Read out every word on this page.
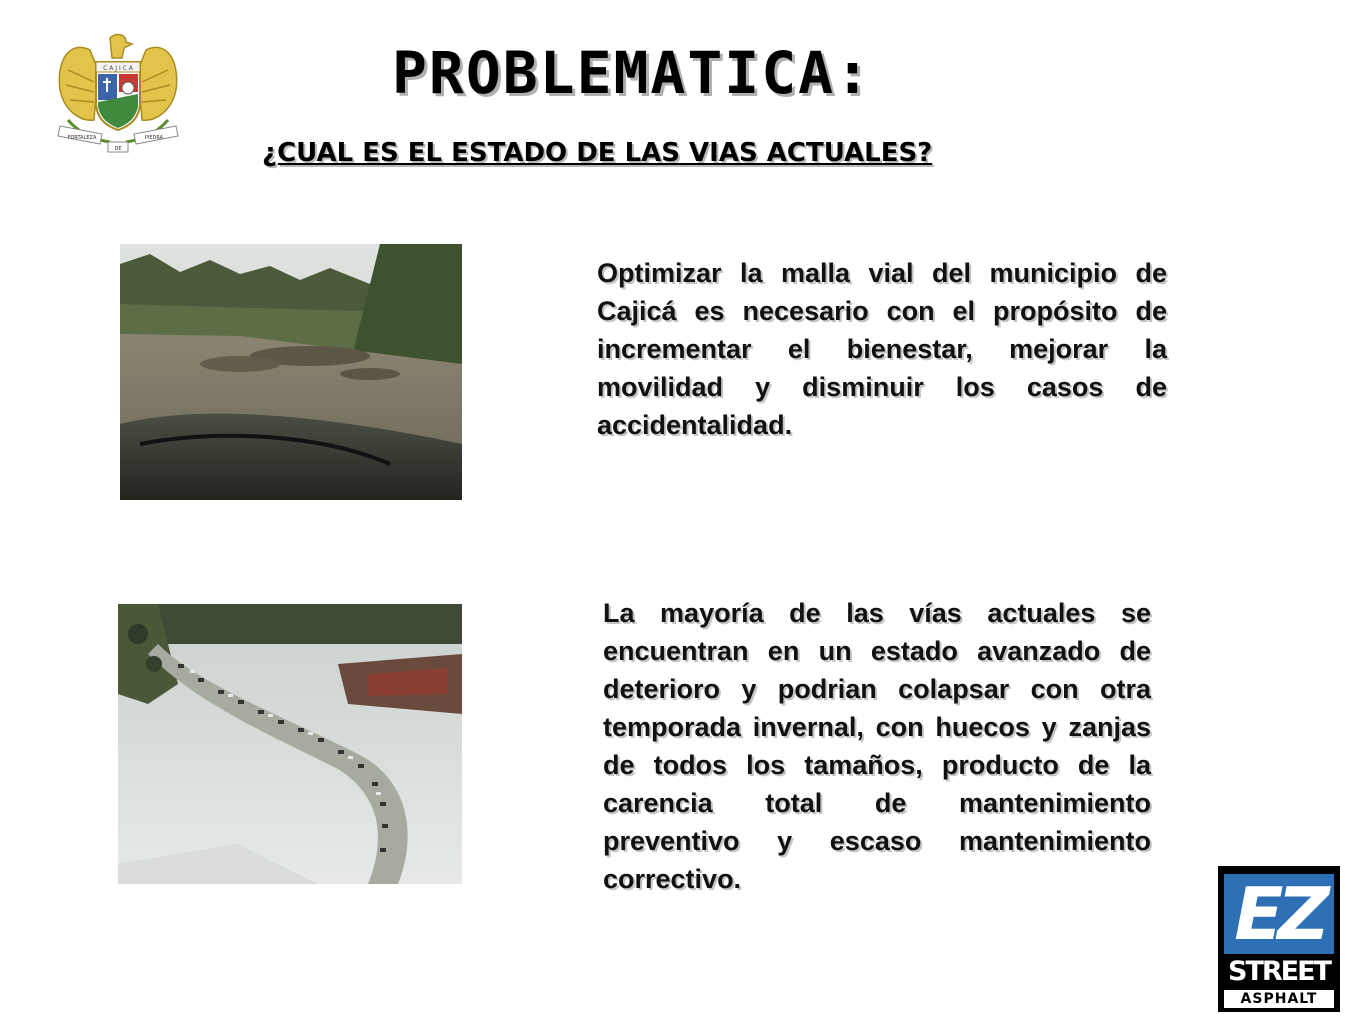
C A J I C A
FORTALEZA	PIEDRA
DE
PROBLEMATICA:
¿CUAL ES EL ESTADO DE LAS VIAS ACTUALES?
Optimizar la malla vial del municipio de Cajicá es necesario con el propósito de incrementar el bienestar, mejorar la movilidad y disminuir los casos de accidentalidad.
La mayoría de las vías actuales se encuentran en un estado avanzado de deterioro y podrian colapsar con otra temporada invernal, con huecos y zanjas de todos los tamaños, producto de la carencia total de mantenimiento preventivo y escaso mantenimiento correctivo.	EZ
STREET
ASPHALT
